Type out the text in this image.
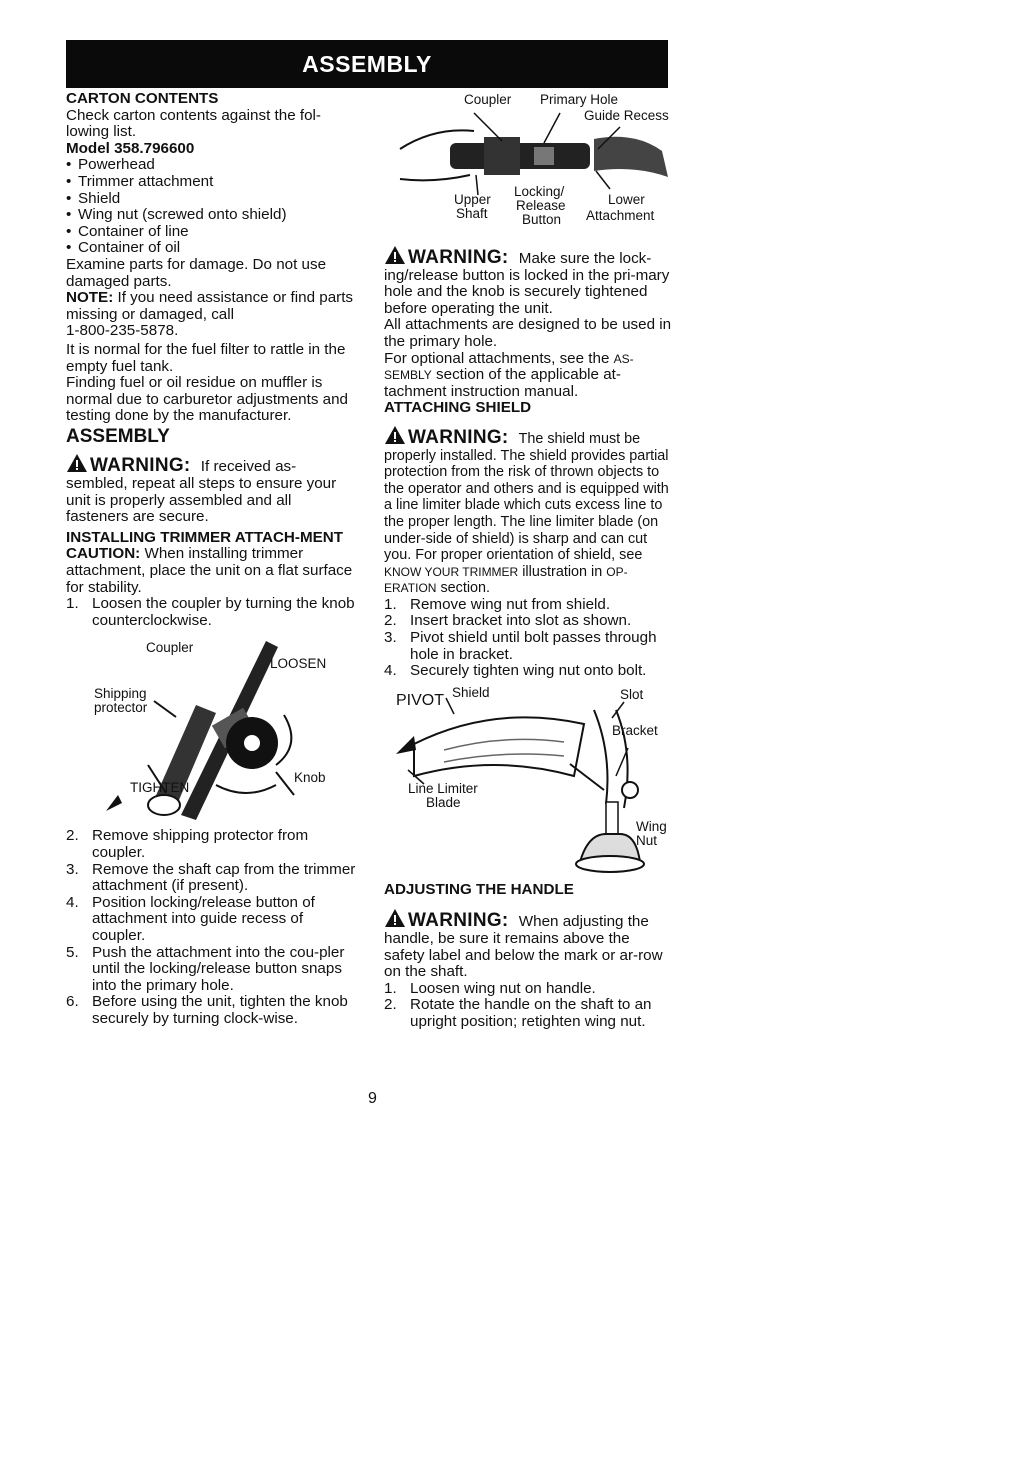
ASSEMBLY
CARTON CONTENTS

Check carton contents against the fol-lowing list.

Model 358.796600
• Powerhead
• Trimmer attachment
• Shield
• Wing nut (screwed onto shield)
• Container of line
• Container of oil

Examine parts for damage. Do not use damaged parts.

NOTE: If you need assistance or find parts missing or damaged, call

1-800-235-5878.

It is normal for the fuel filter to rattle in the empty fuel tank.

Finding fuel or oil residue on muffler is normal due to carburetor adjustments and testing done by the manufacturer.

ASSEMBLY
WARNING: If received as-
sembled, repeat all steps to ensure your unit is properly assembled and all fasteners are secure.
INSTALLING TRIMMER ATTACH-MENT

CAUTION: When installing trimmer attachment, place the unit on a flat surface for stability.

1. Loosen the coupler by turning the knob counterclockwise.
Coupler
LOOSEN
Shipping
protector
TIGHTEN
Knob
2. Remove shipping protector from coupler.
3. Remove the shaft cap from the trimmer attachment (if present).
4. Position locking/release button of attachment into guide recess of coupler.
5. Push the attachment into the cou-pler until the locking/release button snaps into the primary hole.
6. Before using the unit, tighten the knob securely by turning clock-wise.
Coupler Primary Hole
Guide Recess
Upper
Shaft
Locking/
Release
Button
Lower
Attachment
WARNING: Make sure the lock-
ing/release button is locked in the pri-mary hole and the knob is securely tightened before operating the unit.

All attachments are designed to be used in the primary hole.

For optional attachments, see the AS-SEMBLY section of the applicable at-tachment instruction manual.

ATTACHING SHIELD
WARNING: The shield must be
properly installed. The shield provides partial protection from the risk of thrown objects to the operator and others and is equipped with a line limiter blade which cuts excess line to the proper length. The line limiter blade (on under-side of shield) is sharp and can cut you. For proper orientation of shield, see KNOW YOUR TRIMMER illustration in OP-ERATION section.
1. Remove wing nut from shield.
2. Insert bracket into slot as shown.
3. Pivot shield until bolt passes through hole in bracket.
4. Securely tighten wing nut onto bolt.
PIVOT Shield	Slot
Bracket
Line Limiter
Blade
Wing
Nut
ADJUSTING THE HANDLE
WARNING: When adjusting the
handle, be sure it remains above the safety label and below the mark or ar-row on the shaft.
1. Loosen wing nut on handle.
2. Rotate the handle on the shaft to an upright position; retighten wing nut.
9
